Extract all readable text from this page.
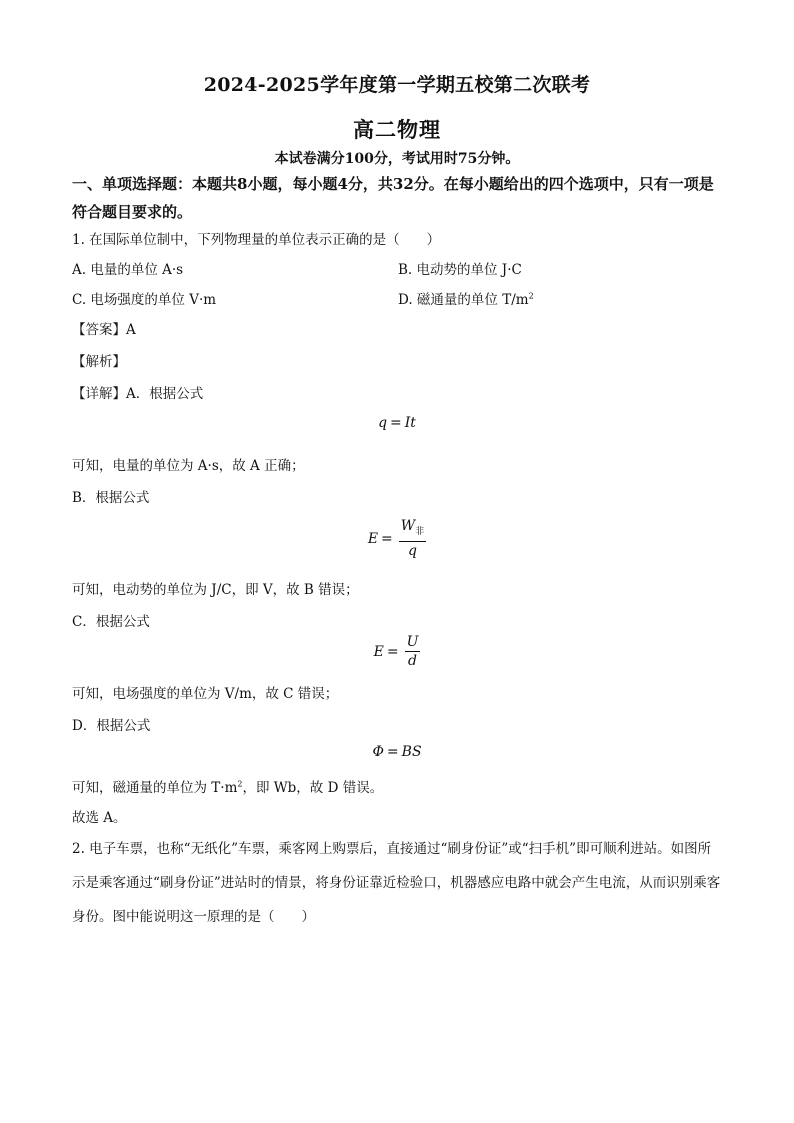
2024-2025学年度第一学期五校第二次联考
高二物理
本试卷满分100分，考试用时75分钟。
一、单项选择题：本题共8小题，每小题4分，共32分。在每小题给出的四个选项中，只有一项是符合题目要求的。
1. 在国际单位制中，下列物理量的单位表示正确的是（　　）
A. 电量的单位 A·s	B. 电动势的单位 J·C
C. 电场强度的单位 V·m	D. 磁通量的单位 $T/m^2$
【答案】A
【解析】
【详解】A．根据公式
q = It
可知，电量的单位为 A·s，故 A 正确；
B．根据公式
$E = \frac{W_非}{q}$
可知，电动势的单位为 J/C，即 V，故 B 错误；
C．根据公式
$E = \frac{U}{d}$
可知，电场强度的单位为 V/m，故 C 错误；
D．根据公式
Φ = BS
可知，磁通量的单位为 $T\cdot m^2$，即 Wb，故 D 错误。
故选 A。
2. 电子车票，也称“无纸化”车票，乘客网上购票后，直接通过“刷身份证”或“扫手机”即可顺利进站。如图所示是乘客通过“刷身份证”进站时的情景，将身份证靠近检验口，机器感应电路中就会产生电流，从而识别乘客身份。图中能说明这一原理的是（　　）
